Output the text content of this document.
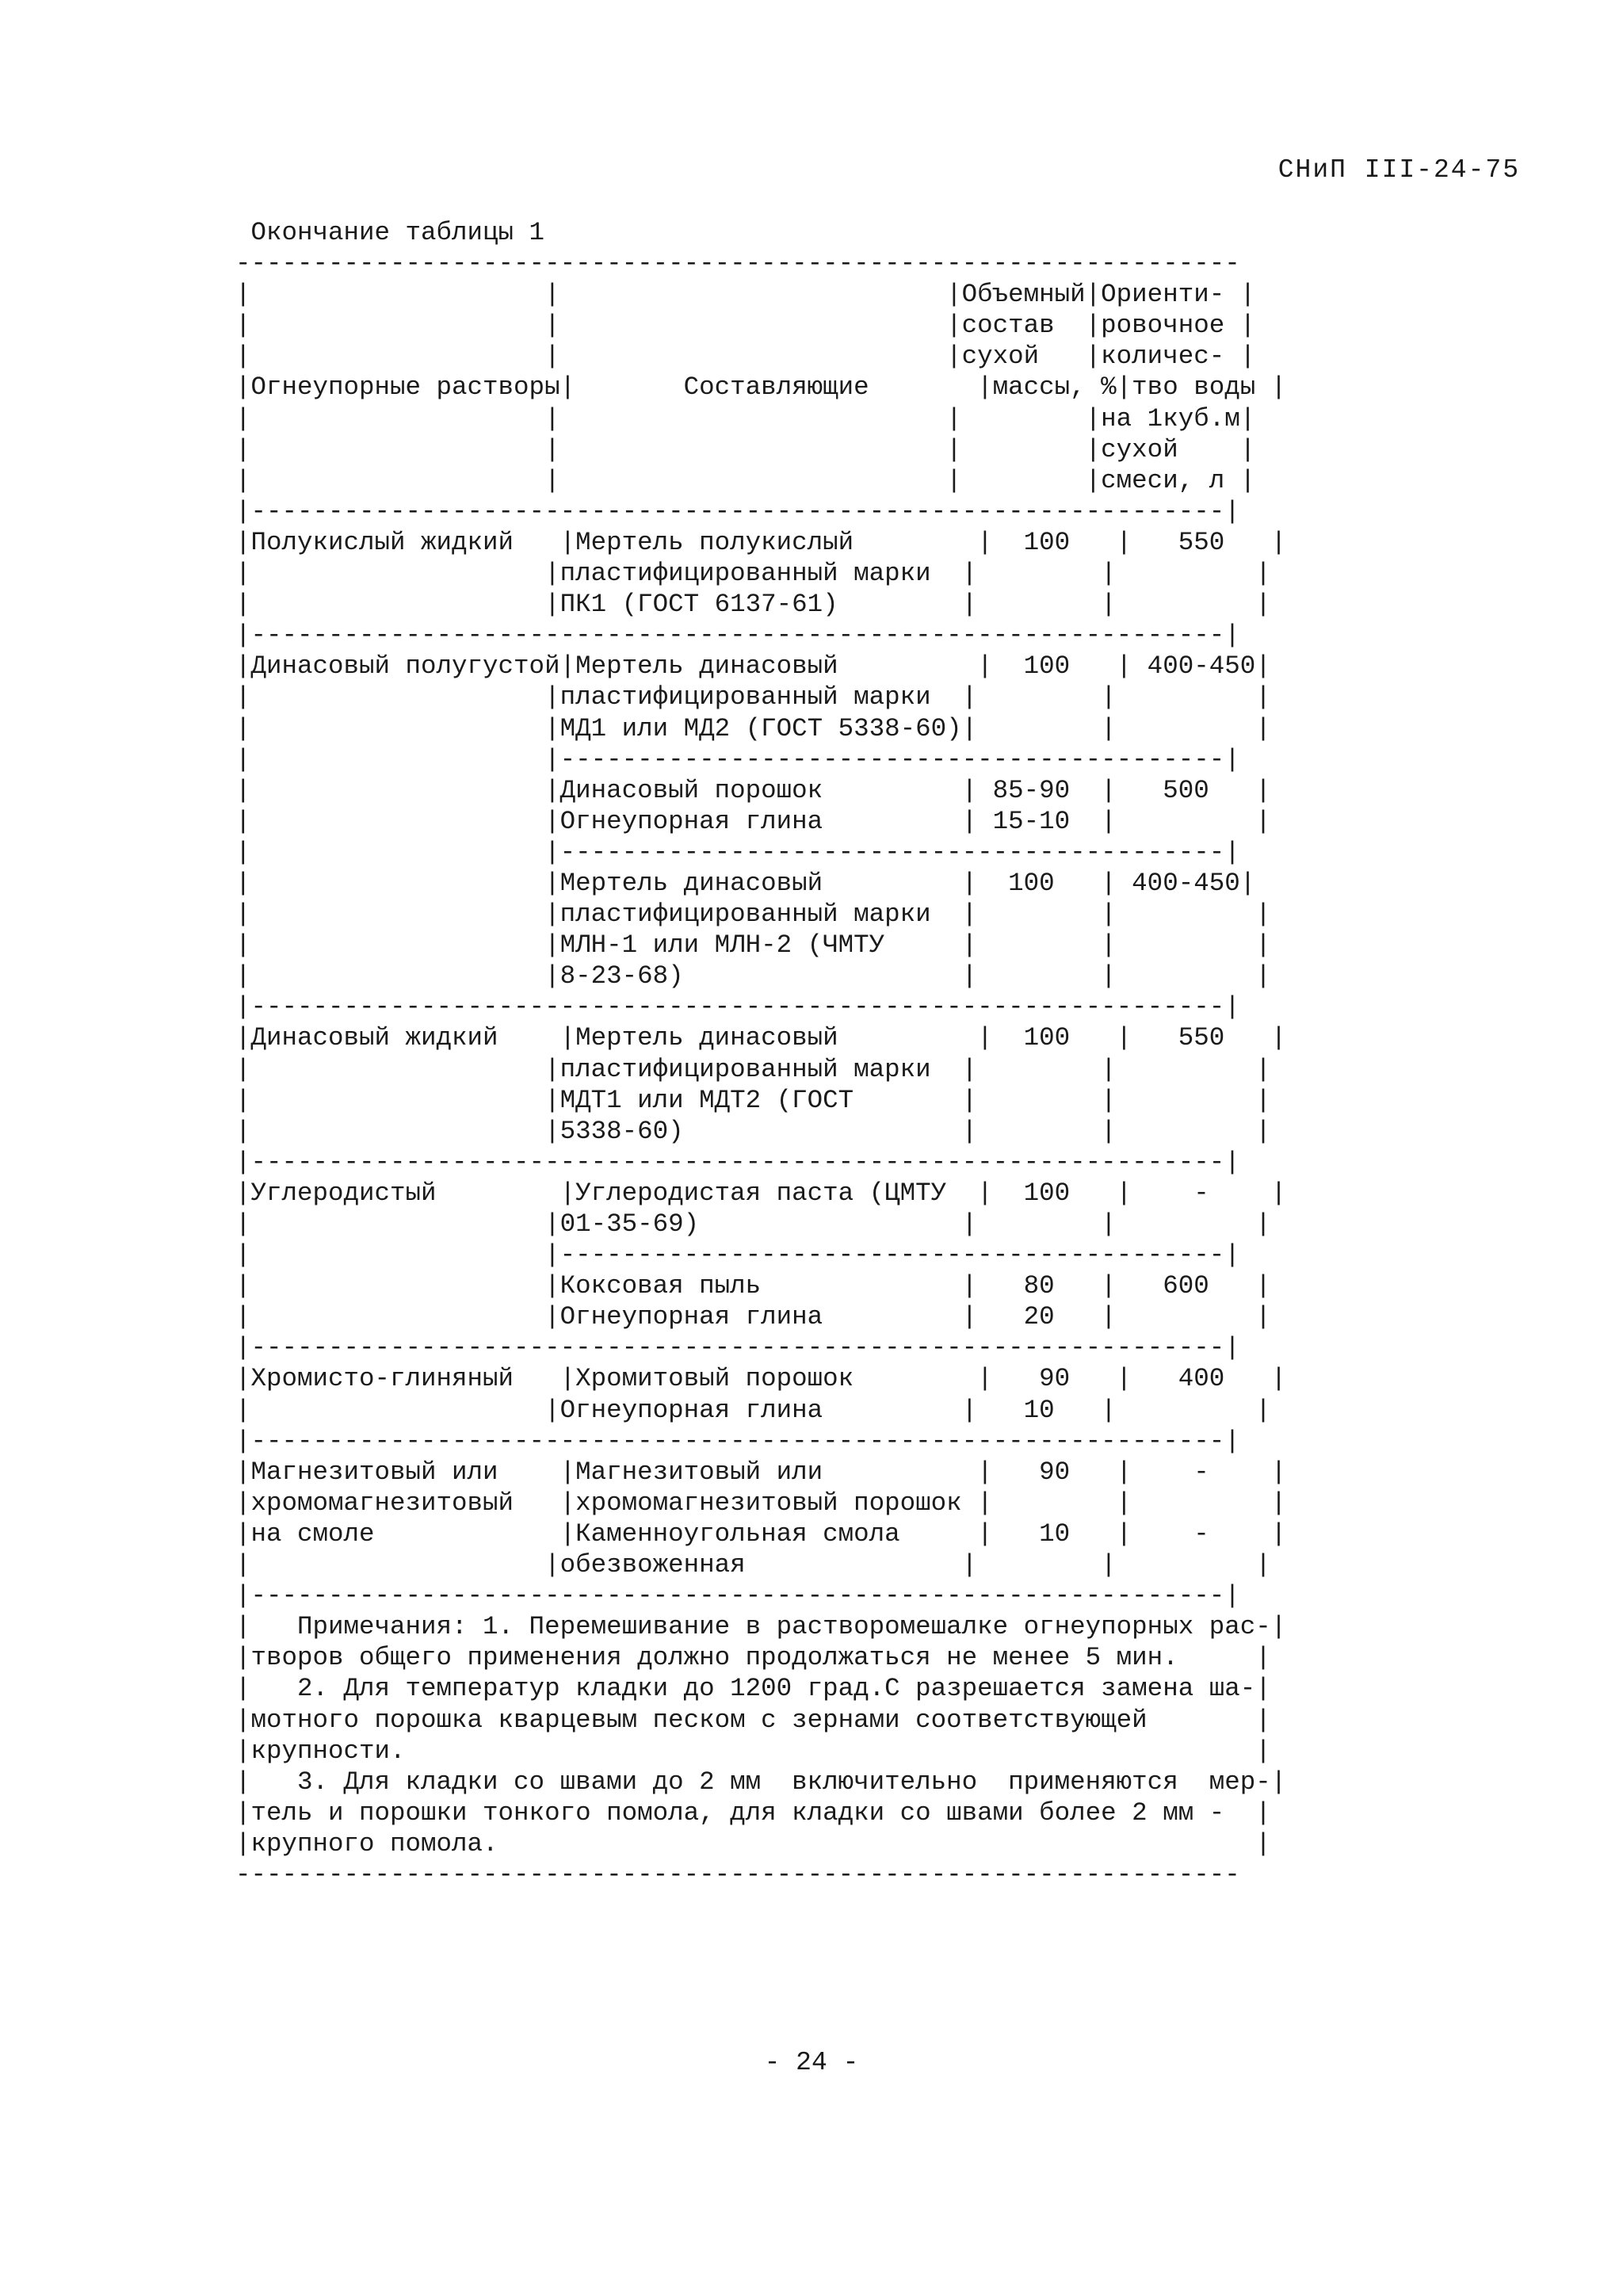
СНиП III-24-75
Окончание таблицы 1
-----------------------------------------------------------------
|                   |                         |Объемный|Ориенти- |
|                   |                         |состав  |ровочное |
|                   |                         |сухой   |количес- |
|Огнеупорные растворы|       Составляющие       |массы, %|тво воды |
|                   |                         |        |на 1куб.м|
|                   |                         |        |сухой    |
|                   |                         |        |смеси, л |
|---------------------------------------------------------------|
|Полукислый жидкий   |Мертель полукислый        |  100   |   550   |
|                   |пластифицированный марки  |        |         |
|                   |ПК1 (ГОСТ 6137-61)        |        |         |
|---------------------------------------------------------------|
|Динасовый полугустой|Мертель динасовый         |  100   | 400-450|
|                   |пластифицированный марки  |        |         |
|                   |МД1 или МД2 (ГОСТ 5338-60)|        |         |
|                   |-------------------------------------------|
|                   |Динасовый порошок         | 85-90  |   500   |
|                   |Огнеупорная глина         | 15-10  |         |
|                   |-------------------------------------------|
|                   |Мертель динасовый         |  100   | 400-450|
|                   |пластифицированный марки  |        |         |
|                   |МЛН-1 или МЛН-2 (ЧМТУ     |        |         |
|                   |8-23-68)                  |        |         |
|---------------------------------------------------------------|
|Динасовый жидкий    |Мертель динасовый         |  100   |   550   |
|                   |пластифицированный марки  |        |         |
|                   |МДТ1 или МДТ2 (ГОСТ       |        |         |
|                   |5338-60)                  |        |         |
|---------------------------------------------------------------|
|Углеродистый        |Углеродистая паста (ЦМТУ  |  100   |    -    |
|                   |01-35-69)                 |        |         |
|                   |-------------------------------------------|
|                   |Коксовая пыль             |   80   |   600   |
|                   |Огнеупорная глина         |   20   |         |
|---------------------------------------------------------------|
|Хромисто-глиняный   |Хромитовый порошок        |   90   |   400   |
|                   |Огнеупорная глина         |   10   |         |
|---------------------------------------------------------------|
|Магнезитовый или    |Магнезитовый или          |   90   |    -    |
|хромомагнезитовый   |хромомагнезитовый порошок |        |         |
|на смоле            |Каменноугольная смола     |   10   |    -    |
|                   |обезвоженная              |        |         |
|---------------------------------------------------------------|
|   Примечания: 1. Перемешивание в растворомешалке огнеупорных рас-|
|творов общего применения должно продолжаться не менее 5 мин.     |
|   2. Для температур кладки до 1200 град.С разрешается замена ша-|
|мотного порошка кварцевым песком с зернами соответствующей       |
|крупности.                                                       |
|   3. Для кладки со швами до 2 мм  включительно  применяются  мер-|
|тель и порошки тонкого помола, для кладки со швами более 2 мм -  |
|крупного помола.                                                 |
-----------------------------------------------------------------

- 24 -
